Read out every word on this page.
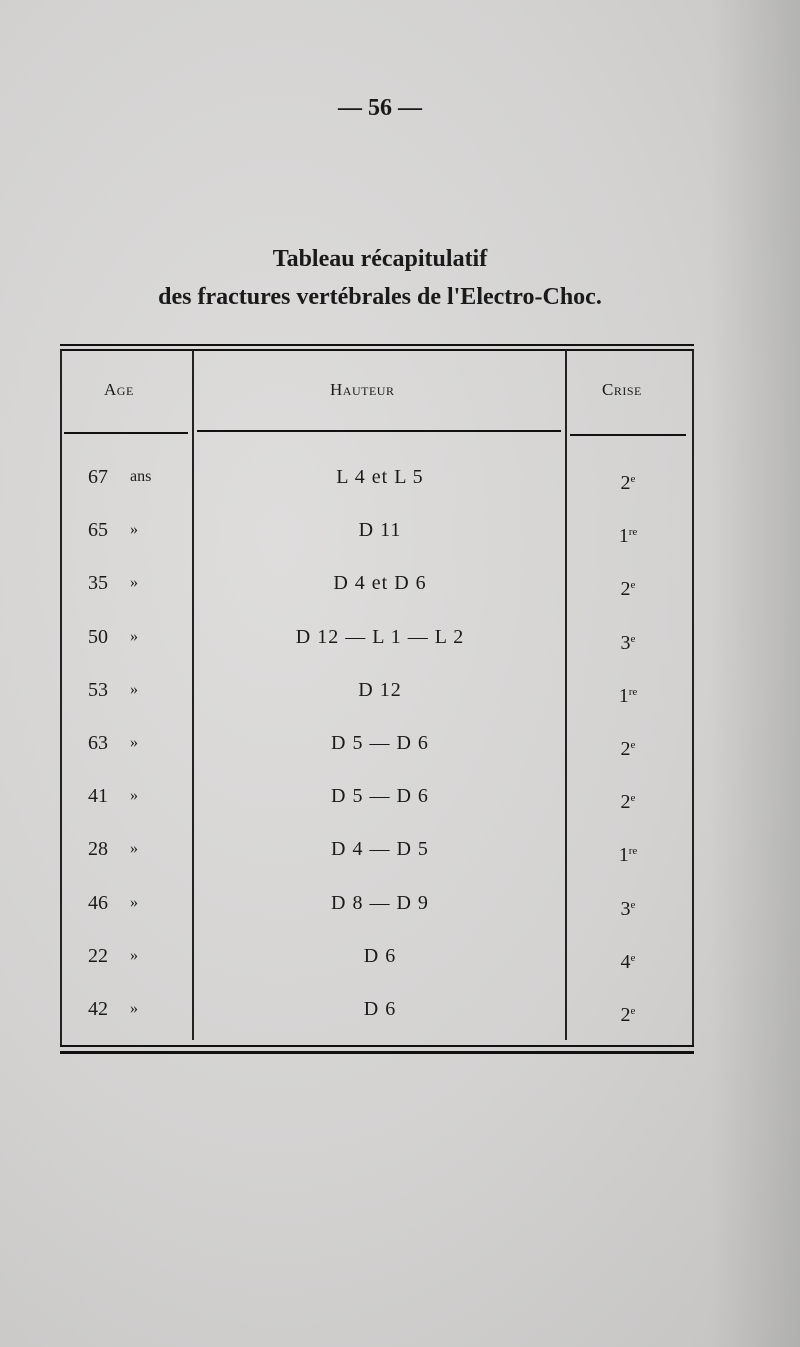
— 56 —
Tableau récapitulatif
des fractures vertébrales de l'Electro-Choc.
Age	hauteur	crise
67	ans	L 4 et L 5	2e
65	»	D 11	1re
35	»	D 4 et D 6	2e
50	»	D 12 — L 1 — L 2	3e
53	»	D 12	1re
63	»	D 5 — D 6	2e
41	»	D 5 — D 6	2e
28	»	D 4 — D 5	1re
46	»	D 8 — D 9	3e
22	»	D 6	4e
42	»	D 6	2e
